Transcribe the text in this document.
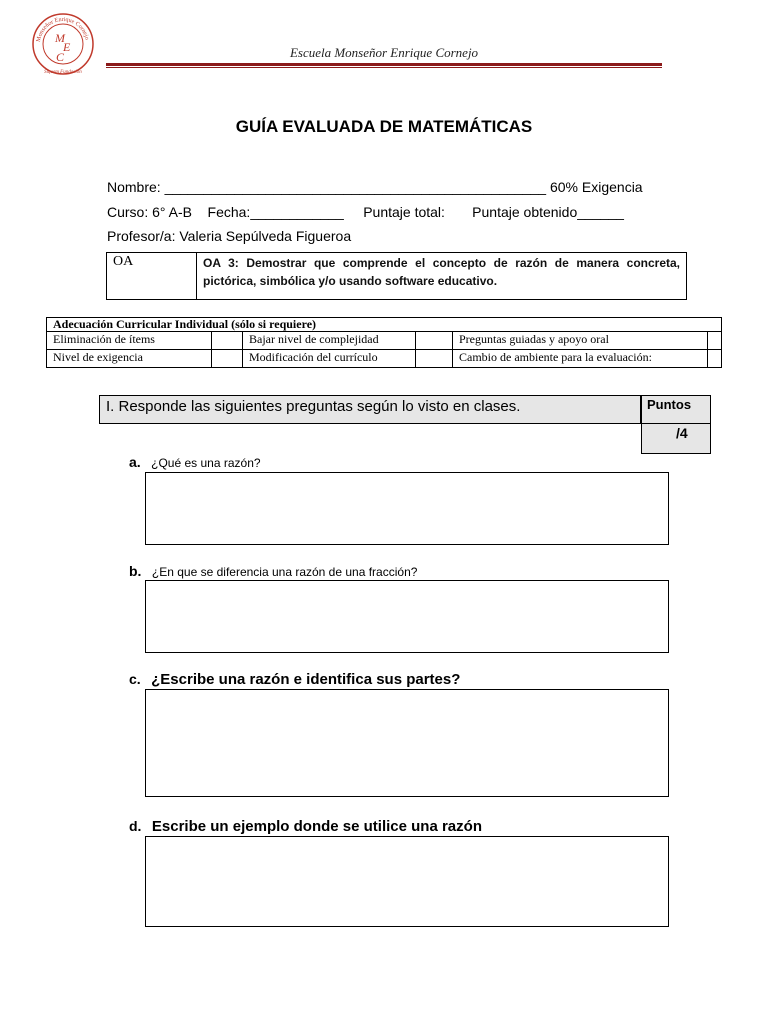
Monseñor Enrique Cornejo
M
E
C
Siquem Fundación
Escuela Monseñor Enrique Cornejo
GUÍA EVALUADA DE MATEMÁTICAS
Nombre: _________________________________________________ 60% Exigencia
Curso: 6° A-B    Fecha:____________     Puntaje total:       Puntaje obtenido______
Profesor/a: Valeria Sepúlveda Figueroa
OA	OA 3: Demostrar que comprende el concepto de razón de manera concreta, pictórica, simbólica y/o usando software educativo.
Adecuación Curricular Individual (sólo si requiere)					
Eliminación de ítems		Bajar nivel de complejidad		Preguntas guiadas y apoyo oral	
Nivel de exigencia		Modificación del currículo		Cambio de ambiente para la evaluación:	
I. Responde las siguientes preguntas según lo visto en clases.	Puntos
/4
a. ¿Qué es una razón?
b. ¿En que se diferencia una razón de una fracción?
c. ¿Escribe una razón e identifica sus partes?
d. Escribe un ejemplo donde se utilice una razón
